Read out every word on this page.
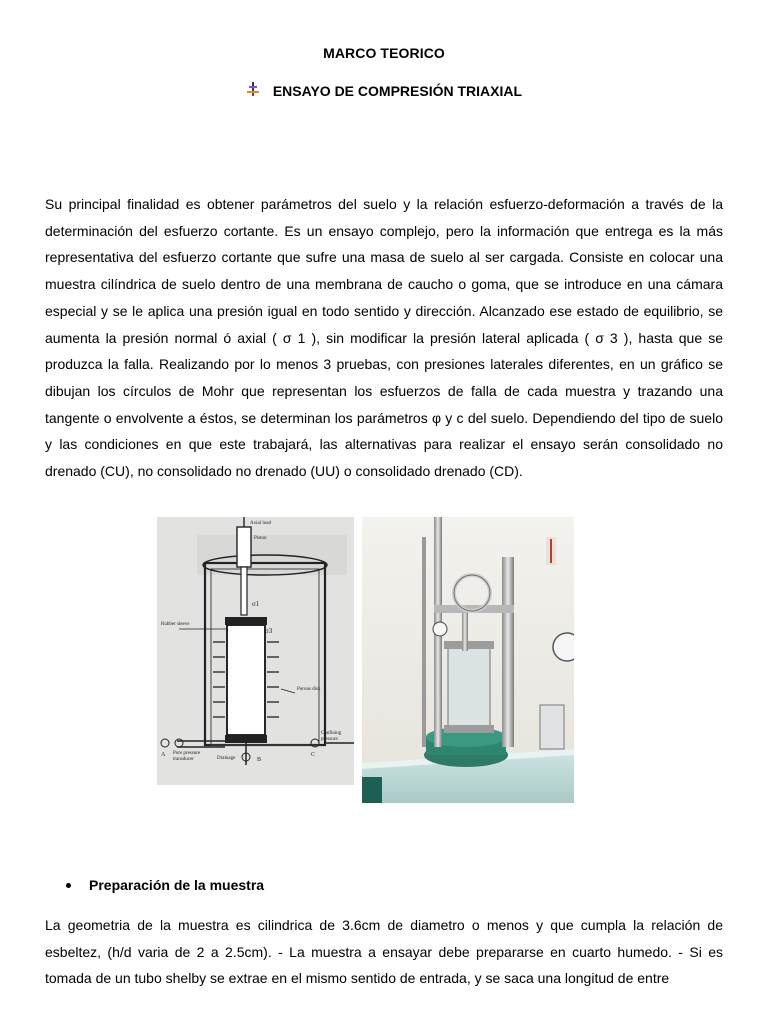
MARCO TEORICO
ENSAYO DE COMPRESIÓN TRIAXIAL
Su principal finalidad es obtener parámetros del suelo y la relación esfuerzo-deformación a través de la determinación del esfuerzo cortante. Es un ensayo complejo, pero la información que entrega es la más representativa del esfuerzo cortante que sufre una masa de suelo al ser cargada. Consiste en colocar una muestra cilíndrica de suelo dentro de una membrana de caucho o goma, que se introduce en una cámara especial y se le aplica una presión igual en todo sentido y dirección. Alcanzado ese estado de equilibrio, se aumenta la presión normal ó axial ( σ 1 ), sin modificar la presión lateral aplicada ( σ 3 ), hasta que se produzca la falla. Realizando por lo menos 3 pruebas, con presiones laterales diferentes, en un gráfico se dibujan los círculos de Mohr que representan los esfuerzos de falla de cada muestra y trazando una tangente o envolvente a éstos, se determinan los parámetros φ y c del suelo. Dependiendo del tipo de suelo y las condiciones en que este trabajará, las alternativas para realizar el ensayo serán consolidado no drenado (CU), no consolidado no drenado (UU) o consolidado drenado (CD).
Axial load
Piston
σ1
Rubber sleeve
σ3
Porous disk
Confining pressure
Pore pressure transducer
A
Drainage	B
C
Preparación de la muestra
La geometria de la muestra es cilindrica de 3.6cm de diametro o menos y que cumpla la relación de esbeltez, (h/d varia de 2 a 2.5cm). - La muestra a ensayar debe prepararse en cuarto humedo. - Si es tomada de un tubo shelby se extrae en el mismo sentido de entrada, y se saca una longitud de entre
